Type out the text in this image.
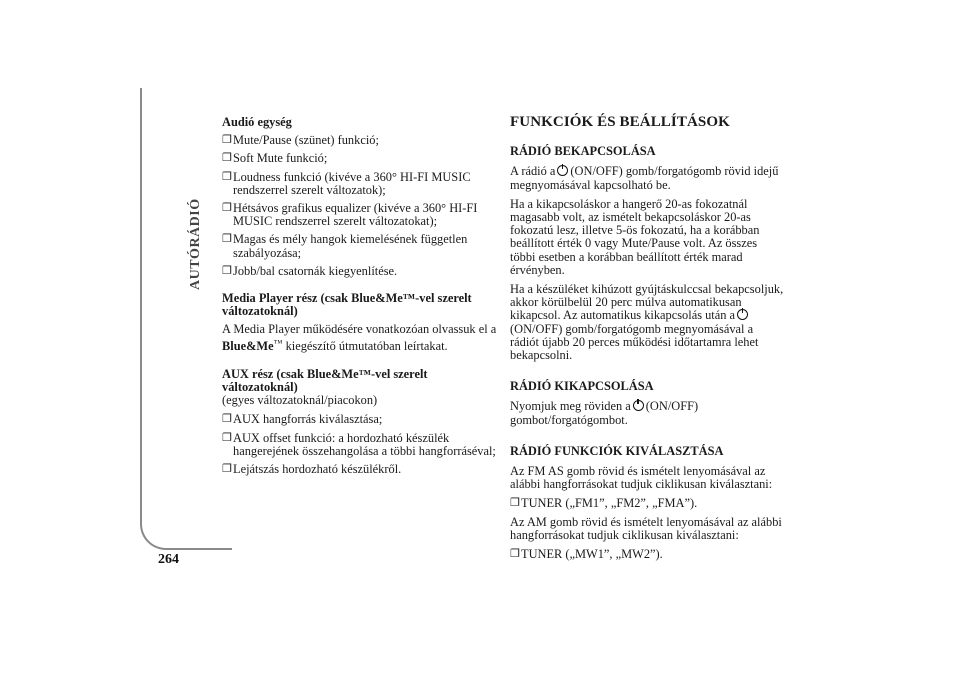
AUTÓRÁDIÓ
264
Audió egység
❐ Mute/Pause (szünet) funkció;
❐ Soft Mute funkció;
❐ Loudness funkció (kivéve a 360° HI-FI MUSIC rendszerrel szerelt változatok);
❐ Hétsávos grafikus equalizer (kivéve a 360° HI-FI MUSIC rendszerrel szerelt változatokat);
❐ Magas és mély hangok kiemelésének független szabályozása;
❐ Jobb/bal csatornák kiegyenlítése.
Media Player rész (csak Blue&Me™-vel szerelt változatoknál)
A Media Player működésére vonatkozóan olvassuk el a Blue&Me™ kiegészítő útmutatóban leírtakat.
AUX rész (csak Blue&Me™-vel szerelt változatoknál)
(egyes változatoknál/piacokon)
❐ AUX hangforrás kiválasztása;
❐ AUX offset funkció: a hordozható készülék hangerejének összehangolása a többi hangforráséval;
❐ Lejátszás hordozható készülékről.
FUNKCIÓK ÉS BEÁLLÍTÁSOK
RÁDIÓ BEKAPCSOLÁSA
A rádió a (ON/OFF) gomb/forgatógomb rövid idejű megnyomásával kapcsolható be.
Ha a kikapcsoláskor a hangerő 20-as fokozatnál magasabb volt, az ismételt bekapcsoláskor 20-as fokozatú lesz, illetve 5-ös fokozatú, ha a korábban beállított érték 0 vagy Mute/Pause volt. Az összes többi esetben a korábban beállított érték marad érvényben.
Ha a készüléket kihúzott gyújtáskulccsal bekapcsoljuk, akkor körülbelül 20 perc múlva automatikusan kikapcsol. Az automatikus kikapcsolás után a(ON/OFF) gomb/forgatógomb megnyomásával a rádiót újabb 20 perces működési időtartamra lehet bekapcsolni.
RÁDIÓ KIKAPCSOLÁSA
Nyomjuk meg röviden a (ON/OFF) gombot/forgatógombot.
RÁDIÓ FUNKCIÓK KIVÁLASZTÁSA
Az FM AS gomb rövid és ismételt lenyomásával az alábbi hangforrásokat tudjuk ciklikusan kiválasztani:
❐ TUNER („FM1”, „FM2”, „FMA”).
Az AM gomb rövid és ismételt lenyomásával az alábbi hangforrásokat tudjuk ciklikusan kiválasztani:
❐ TUNER („MW1”, „MW2”).
